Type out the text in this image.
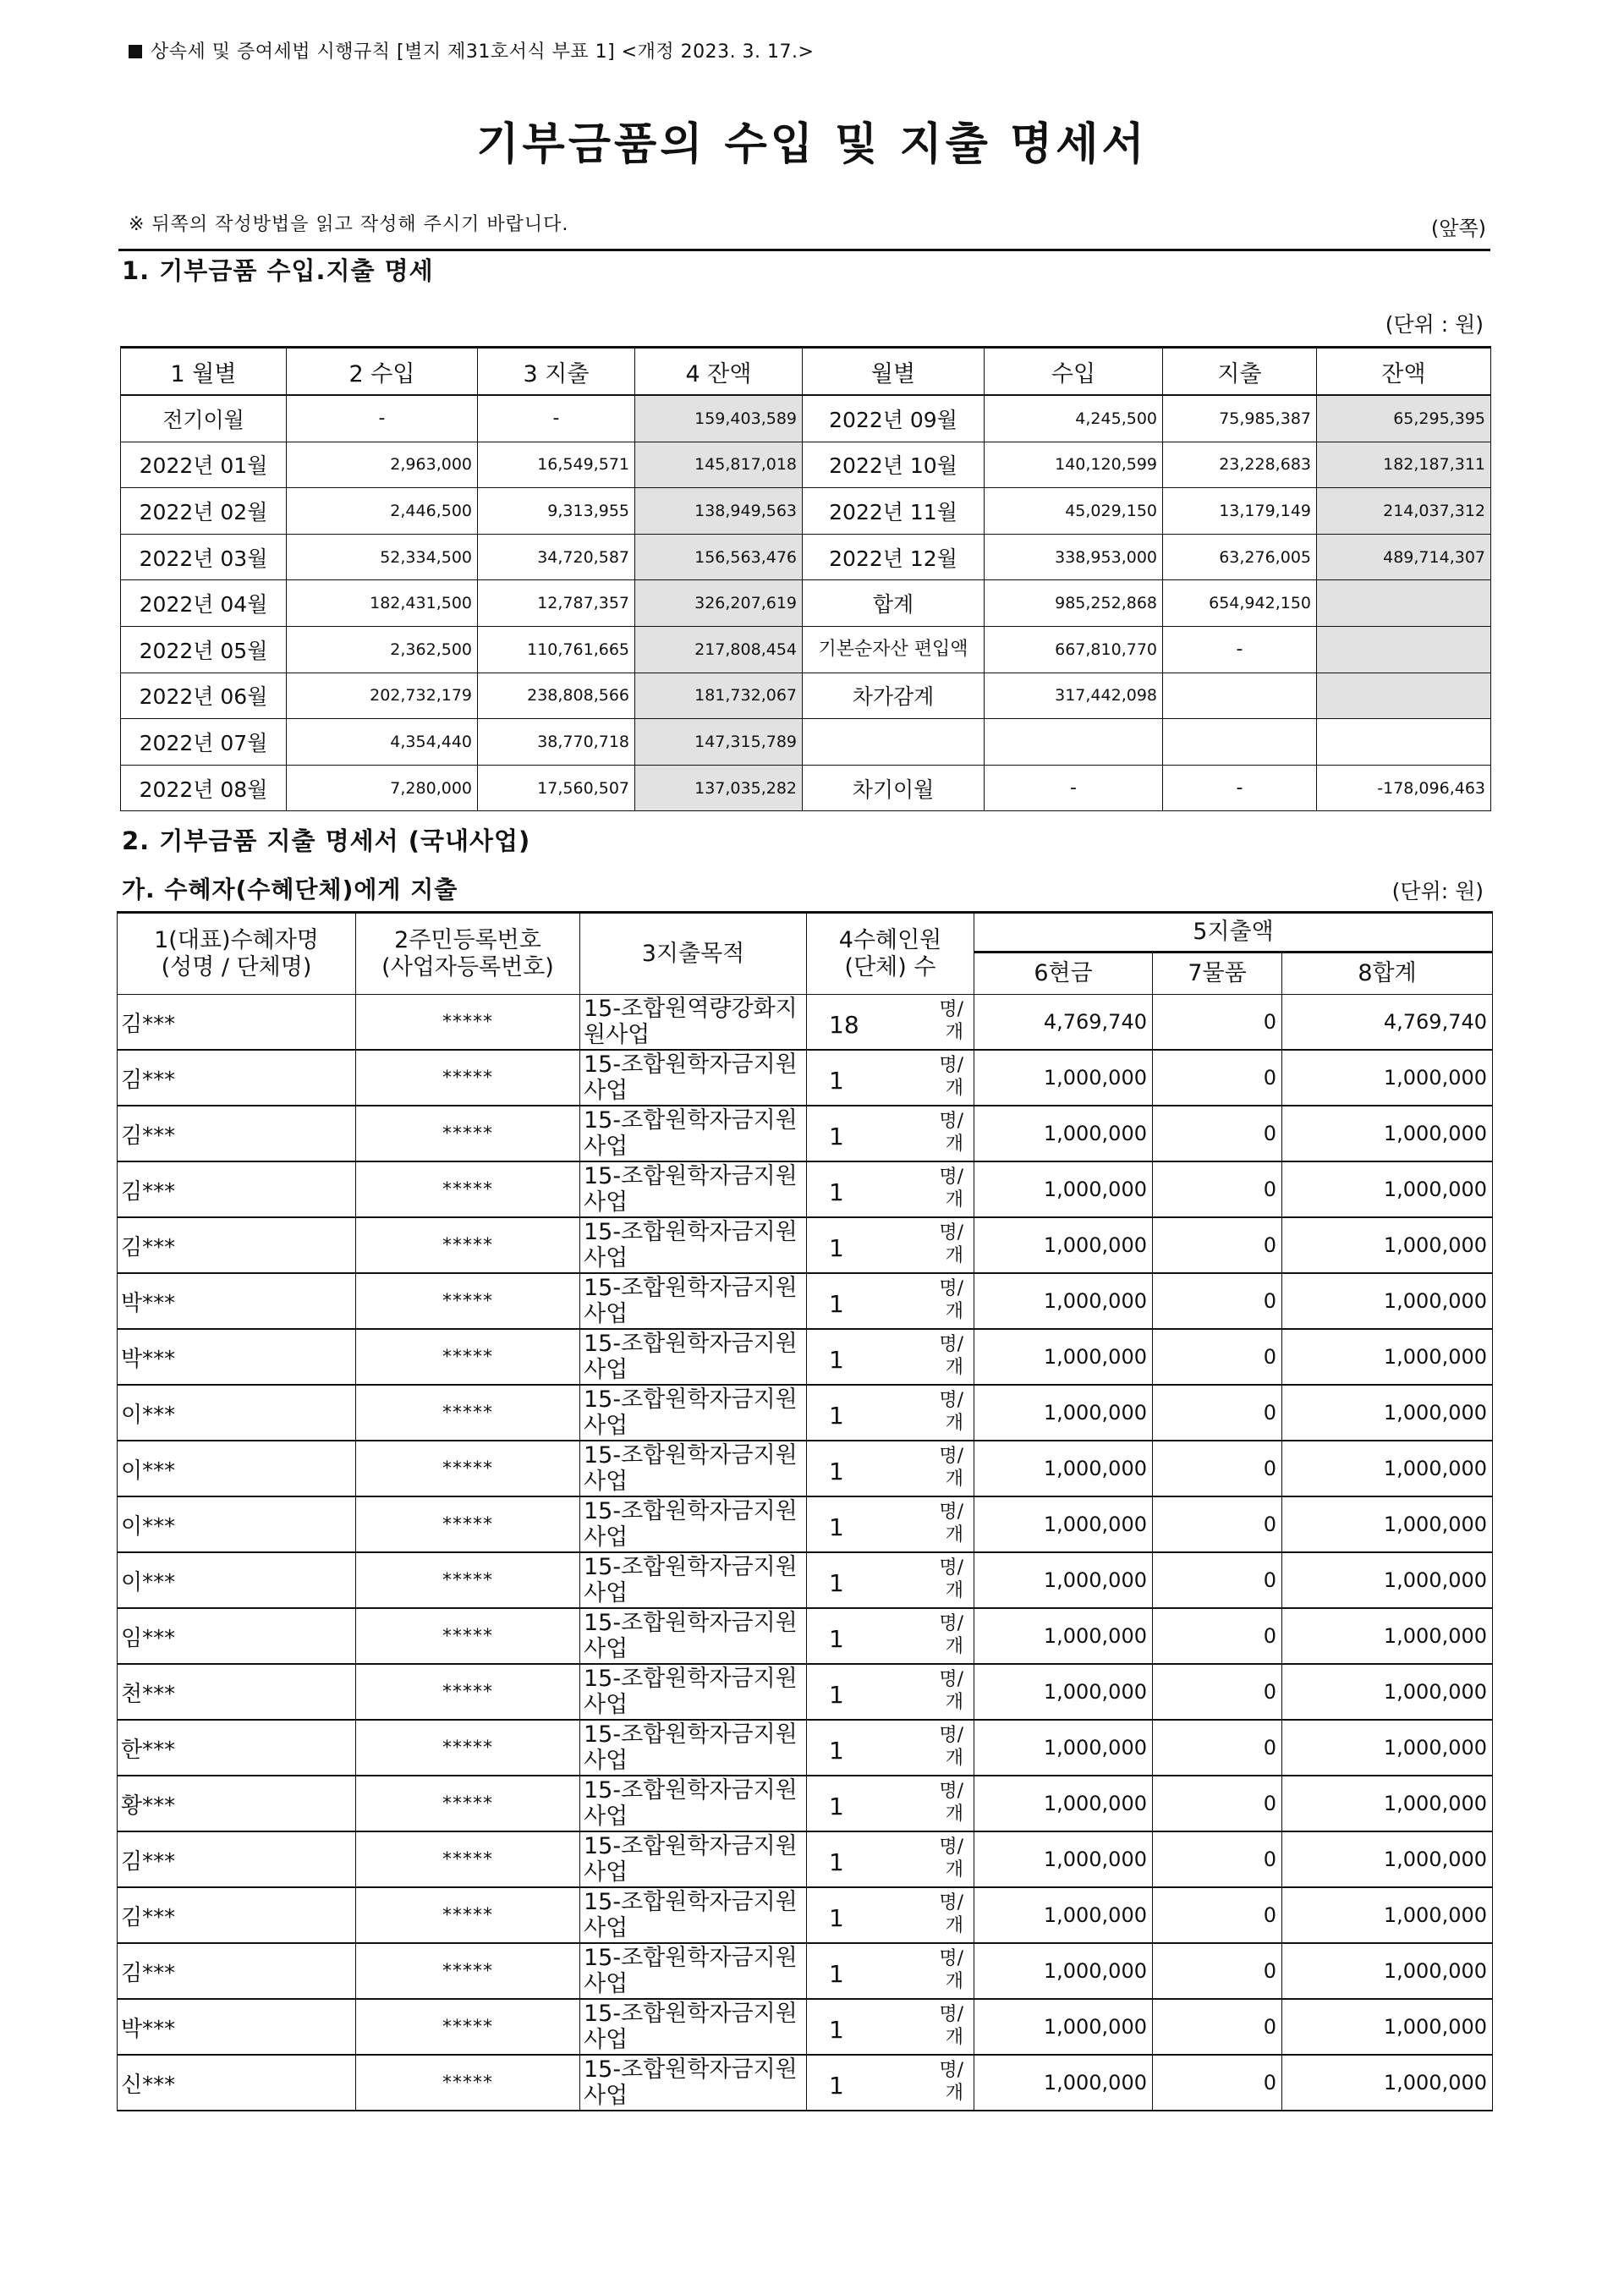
상속세 및 증여세법 시행규칙 [별지 제31호서식 부표 1] <개정 2023. 3. 17.>
기부금품의 수입 및 지출 명세서
※ 뒤쪽의 작성방법을 읽고 작성해 주시기 바랍니다.	(앞쪽)
1. 기부금품 수입.지출 명세
(단위 : 원)
1 월별	2 수입	3 지출	4 잔액	월별	수입	지출	잔액
전기이월	-	-	159,403,589	2022년 09월	4,245,500	75,985,387	65,295,395
2022년 01월	2,963,000	16,549,571	145,817,018	2022년 10월	140,120,599	23,228,683	182,187,311
2022년 02월	2,446,500	9,313,955	138,949,563	2022년 11월	45,029,150	13,179,149	214,037,312
2022년 03월	52,334,500	34,720,587	156,563,476	2022년 12월	338,953,000	63,276,005	489,714,307
2022년 04월	182,431,500	12,787,357	326,207,619	합계	985,252,868	654,942,150	
2022년 05월	2,362,500	110,761,665	217,808,454	기본순자산 편입액	667,810,770	-	
2022년 06월	202,732,179	238,808,566	181,732,067	차가감계	317,442,098		
2022년 07월	4,354,440	38,770,718	147,315,789				
2022년 08월	7,280,000	17,560,507	137,035,282	차기이월	-	-	-178,096,463
2. 기부금품 지출 명세서 (국내사업)
가. 수혜자(수혜단체)에게 지출	(단위: 원)
1(대표)수혜자명
(성명 / 단체명)	2주민등록번호
(사업자등록번호)	3지출목적	4수혜인원
(단체) 수	5지출액		
				6현금	7물품	8합계
김***	*****	15-조합원역량강화지원사업	18
명/
개	4,769,740	0	4,769,740
김***	*****	15-조합원학자금지원사업	1
명/
개	1,000,000	0	1,000,000
김***	*****	15-조합원학자금지원사업	1
명/
개	1,000,000	0	1,000,000
김***	*****	15-조합원학자금지원사업	1
명/
개	1,000,000	0	1,000,000
김***	*****	15-조합원학자금지원사업	1
명/
개	1,000,000	0	1,000,000
박***	*****	15-조합원학자금지원사업	1
명/
개	1,000,000	0	1,000,000
박***	*****	15-조합원학자금지원사업	1
명/
개	1,000,000	0	1,000,000
이***	*****	15-조합원학자금지원사업	1
명/
개	1,000,000	0	1,000,000
이***	*****	15-조합원학자금지원사업	1
명/
개	1,000,000	0	1,000,000
이***	*****	15-조합원학자금지원사업	1
명/
개	1,000,000	0	1,000,000
이***	*****	15-조합원학자금지원사업	1
명/
개	1,000,000	0	1,000,000
임***	*****	15-조합원학자금지원사업	1
명/
개	1,000,000	0	1,000,000
천***	*****	15-조합원학자금지원사업	1
명/
개	1,000,000	0	1,000,000
한***	*****	15-조합원학자금지원사업	1
명/
개	1,000,000	0	1,000,000
황***	*****	15-조합원학자금지원사업	1
명/
개	1,000,000	0	1,000,000
김***	*****	15-조합원학자금지원사업	1
명/
개	1,000,000	0	1,000,000
김***	*****	15-조합원학자금지원사업	1
명/
개	1,000,000	0	1,000,000
김***	*****	15-조합원학자금지원사업	1
명/
개	1,000,000	0	1,000,000
박***	*****	15-조합원학자금지원사업	1
명/
개	1,000,000	0	1,000,000
신***	*****	15-조합원학자금지원사업	1
명/
개	1,000,000	0	1,000,000
